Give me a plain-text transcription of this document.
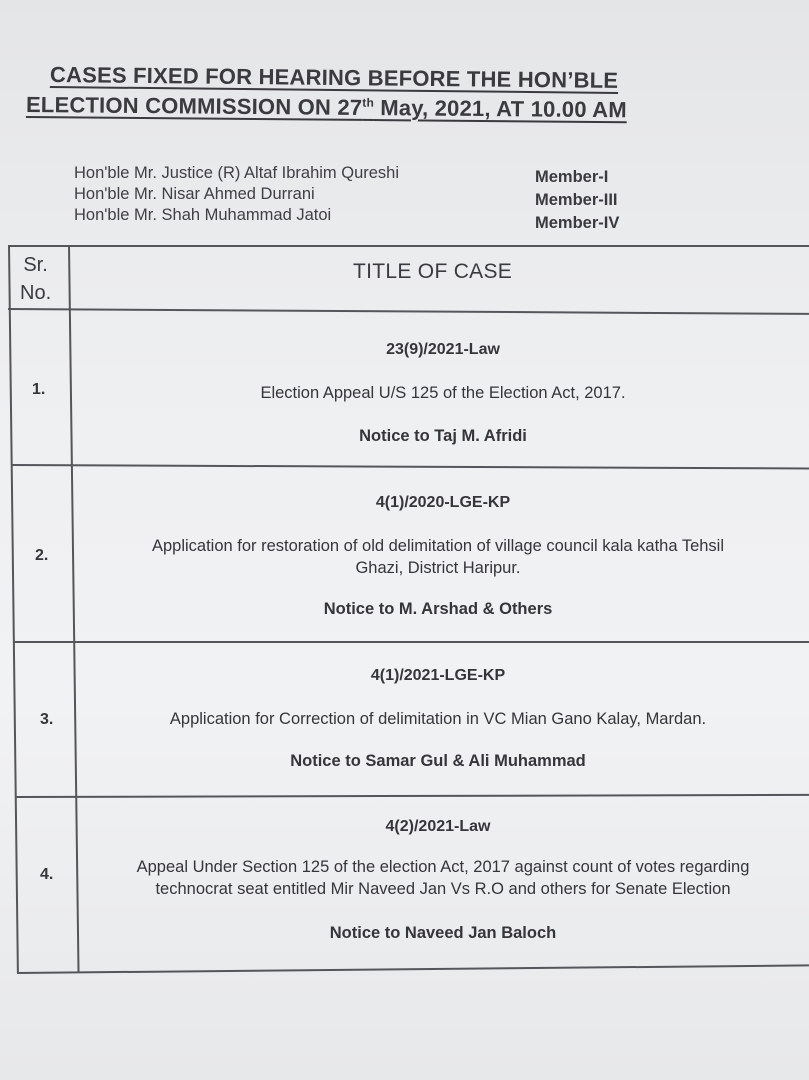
CASES FIXED FOR HEARING BEFORE THE HON’BLE
ELECTION COMMISSION ON 27th May, 2021, AT 10.00 AM
Hon'ble Mr. Justice (R) Altaf Ibrahim Qureshi	Member-I
Hon'ble Mr. Nisar Ahmed Durrani	Member-III
Hon'ble Mr. Shah Muhammad Jatoi	Member-IV
Sr.
No.
TITLE OF CASE
1.
23(9)/2021-Law
Election Appeal U/S 125 of the Election Act, 2017.
Notice to Taj M. Afridi
2.
4(1)/2020-LGE-KP
Application for restoration of old delimitation of village council kala katha Tehsil
Ghazi, District Haripur.
Notice to M. Arshad & Others
3.
4(1)/2021-LGE-KP
Application for Correction of delimitation in VC Mian Gano Kalay, Mardan.
Notice to Samar Gul & Ali Muhammad
4.
4(2)/2021-Law
Appeal Under Section 125 of the election Act, 2017 against count of votes regarding
technocrat seat entitled Mir Naveed Jan Vs R.O and others for Senate Election
Notice to Naveed Jan Baloch
